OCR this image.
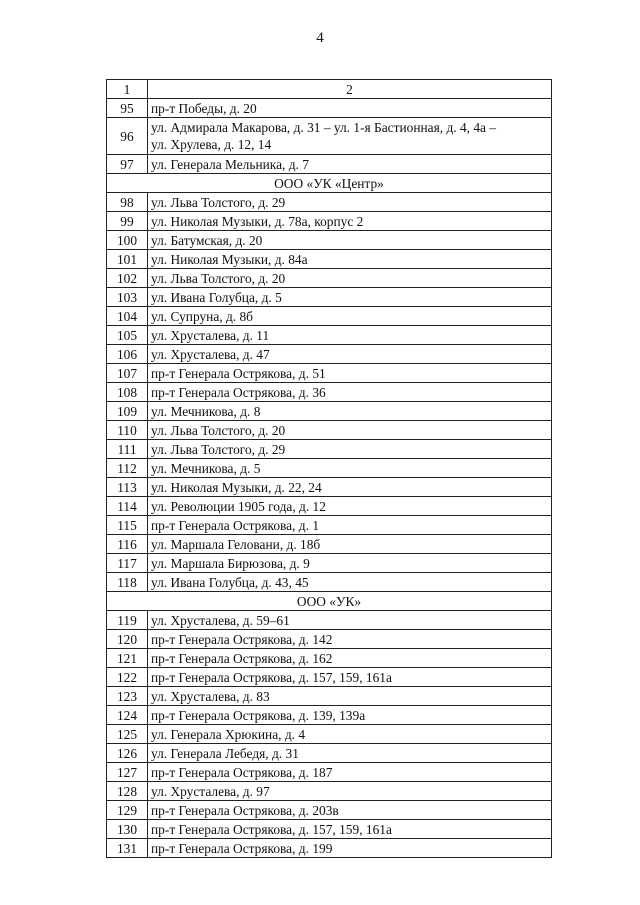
4
1	2
95	пр-т Победы, д. 20
96	ул. Адмирала Макарова, д. 31 – ул. 1-я Бастионная, д. 4, 4а –
ул. Хрулева, д. 12, 14

97	ул. Генерала Мельника, д. 7
ООО «УК «Центр»	
98	ул. Льва Толстого, д. 29
99	ул. Николая Музыки, д. 78а, корпус 2
100	ул. Батумская, д. 20
101	ул. Николая Музыки, д. 84а
102	ул. Льва Толстого, д. 20
103	ул. Ивана Голубца, д. 5
104	ул. Супруна, д. 8б
105	ул. Хрусталева, д. 11
106	ул. Хрусталева, д. 47
107	пр-т Генерала Острякова, д. 51
108	пр-т Генерала Острякова, д. 36
109	ул. Мечникова, д. 8
110	ул. Льва Толстого, д. 20
111	ул. Льва Толстого, д. 29
112	ул. Мечникова, д. 5
113	ул. Николая Музыки, д. 22, 24
114	ул. Революции 1905 года, д. 12
115	пр-т Генерала Острякова, д. 1
116	ул. Маршала Геловани, д. 18б
117	ул. Маршала Бирюзова, д. 9
118	ул. Ивана Голубца, д. 43, 45
ООО «УК»	
119	ул. Хрусталева, д. 59–61
120	пр-т Генерала Острякова, д. 142
121	пр-т Генерала Острякова, д. 162
122	пр-т Генерала Острякова, д. 157, 159, 161а
123	ул. Хрусталева, д. 83
124	пр-т Генерала Острякова, д. 139, 139а
125	ул. Генерала Хрюкина, д. 4
126	ул. Генерала Лебедя, д. 31
127	пр-т Генерала Острякова, д. 187
128	ул. Хрусталева, д. 97
129	пр-т Генерала Острякова, д. 203в
130	пр-т Генерала Острякова, д. 157, 159, 161а
131	пр-т Генерала Острякова, д. 199
